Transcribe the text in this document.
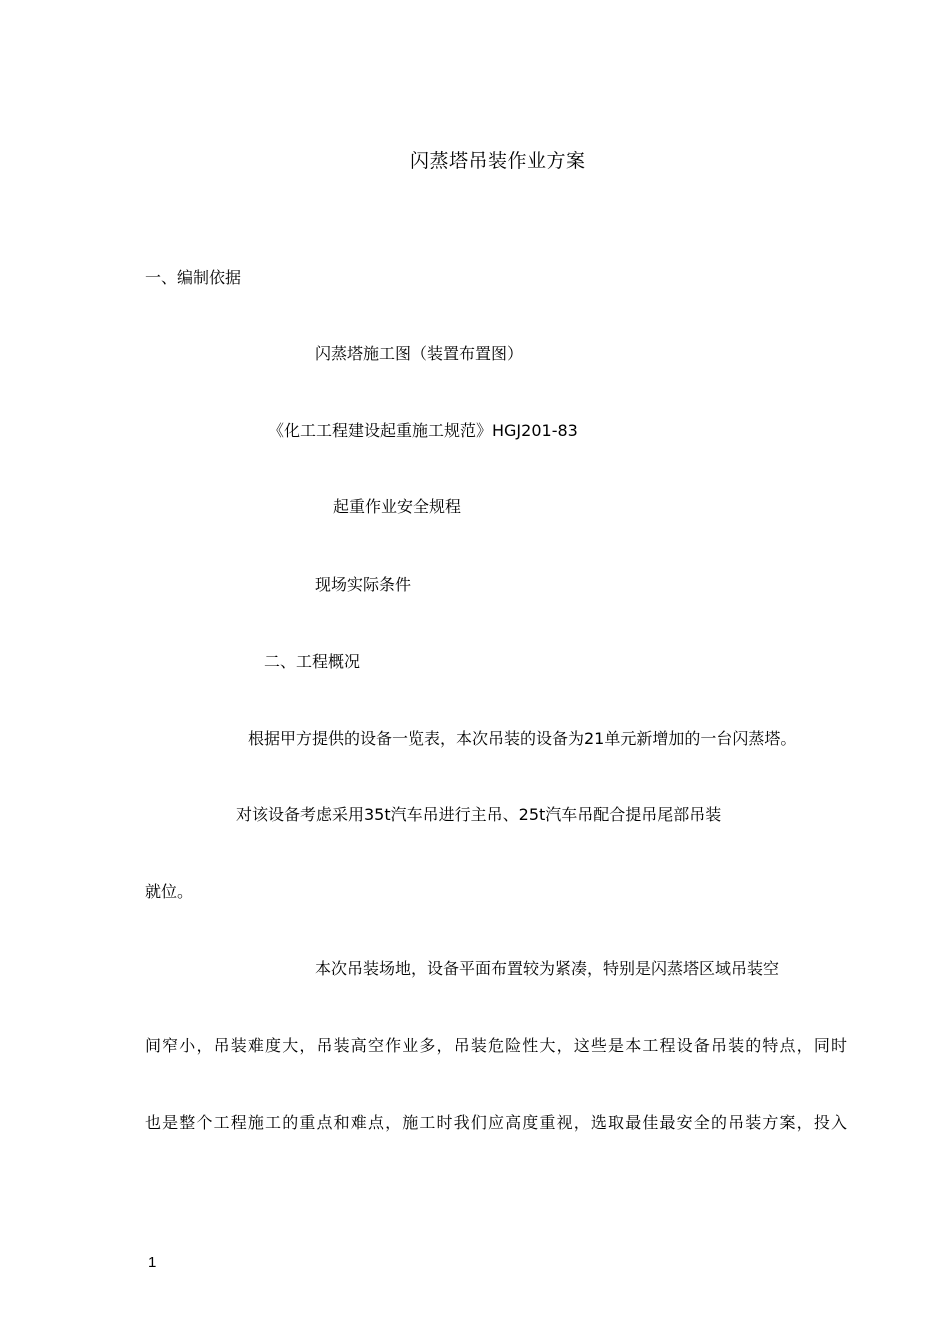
闪蒸塔吊装作业方案
一、编制依据
闪蒸塔施工图（装置布置图）
《化工工程建设起重施工规范》HGJ201-83
起重作业安全规程
现场实际条件
二、工程概况
根据甲方提供的设备一览表，本次吊装的设备为21单元新增加的一台闪蒸塔。
对该设备考虑采用35t汽车吊进行主吊、25t汽车吊配合提吊尾部吊装
就位。
本次吊装场地，设备平面布置较为紧凑，特别是闪蒸塔区域吊装空
间窄小，吊装难度大，吊装高空作业多，吊装危险性大，这些是本工程设备吊装的特点，同时
也是整个工程施工的重点和难点，施工时我们应高度重视，选取最佳最安全的吊装方案，投入
1
